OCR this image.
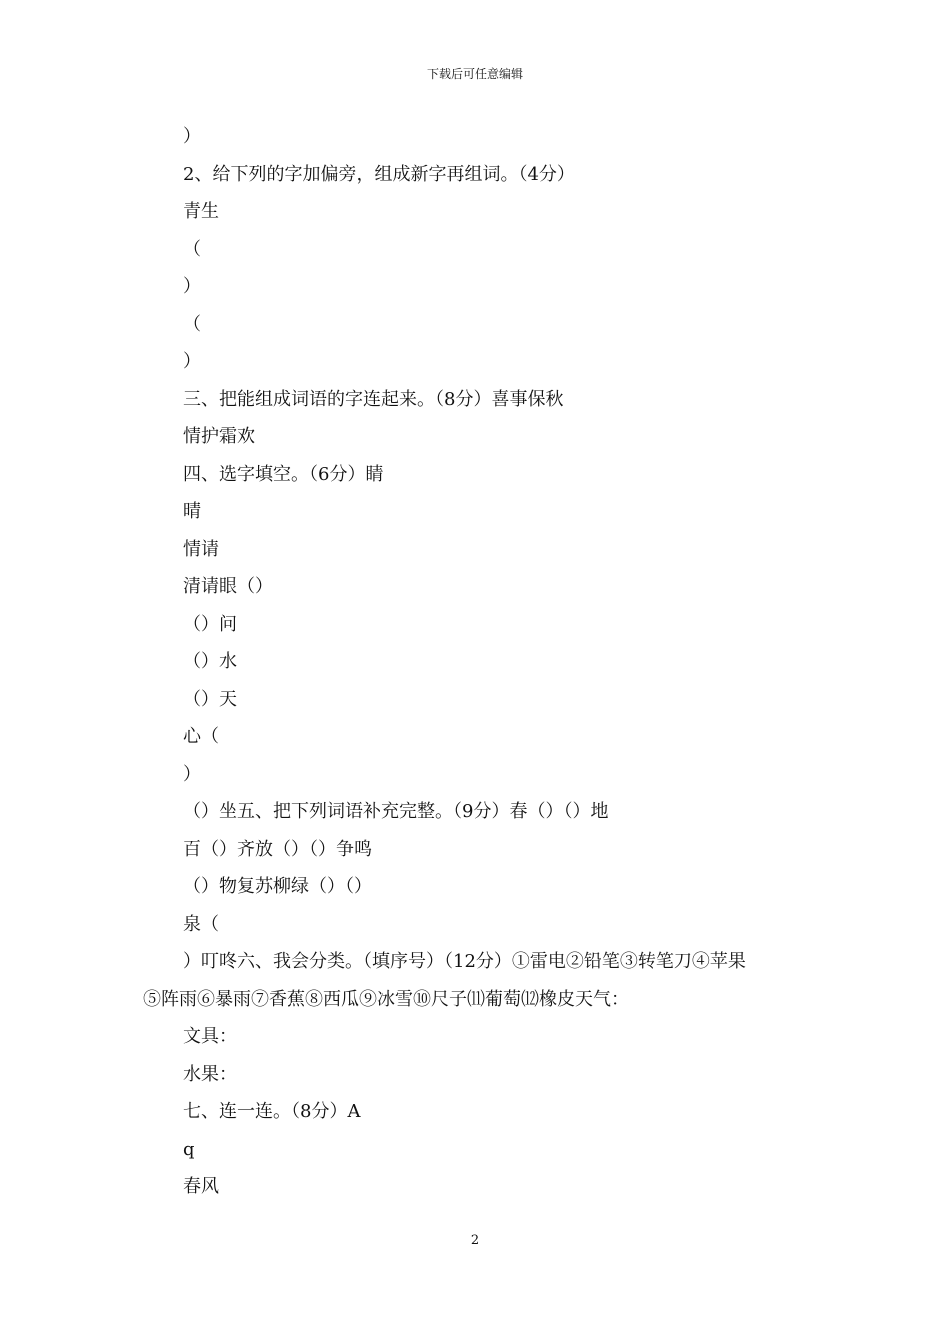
下载后可任意编辑
）
2、给下列的字加偏旁，组成新字再组词。（4分）
青生
（
）
（
）
三、把能组成词语的字连起来。（8分）喜事保秋
情护霜欢
四、选字填空。（6分）睛
晴
情请
清请眼（）
（）问
（）水
（）天
心（
）
（）坐五、把下列词语补充完整。（9分）春（）（）地
百（）齐放（）（）争鸣
（）物复苏柳绿（）（）
泉（
）叮咚六、我会分类。（填序号）（12分）①雷电②铅笔③转笔刀④苹果
⑤阵雨⑥暴雨⑦香蕉⑧西瓜⑨冰雪⑩尺子⑾葡萄⑿橡皮天气：
文具：
水果：
七、连一连。（8分）A
q
春风
2
